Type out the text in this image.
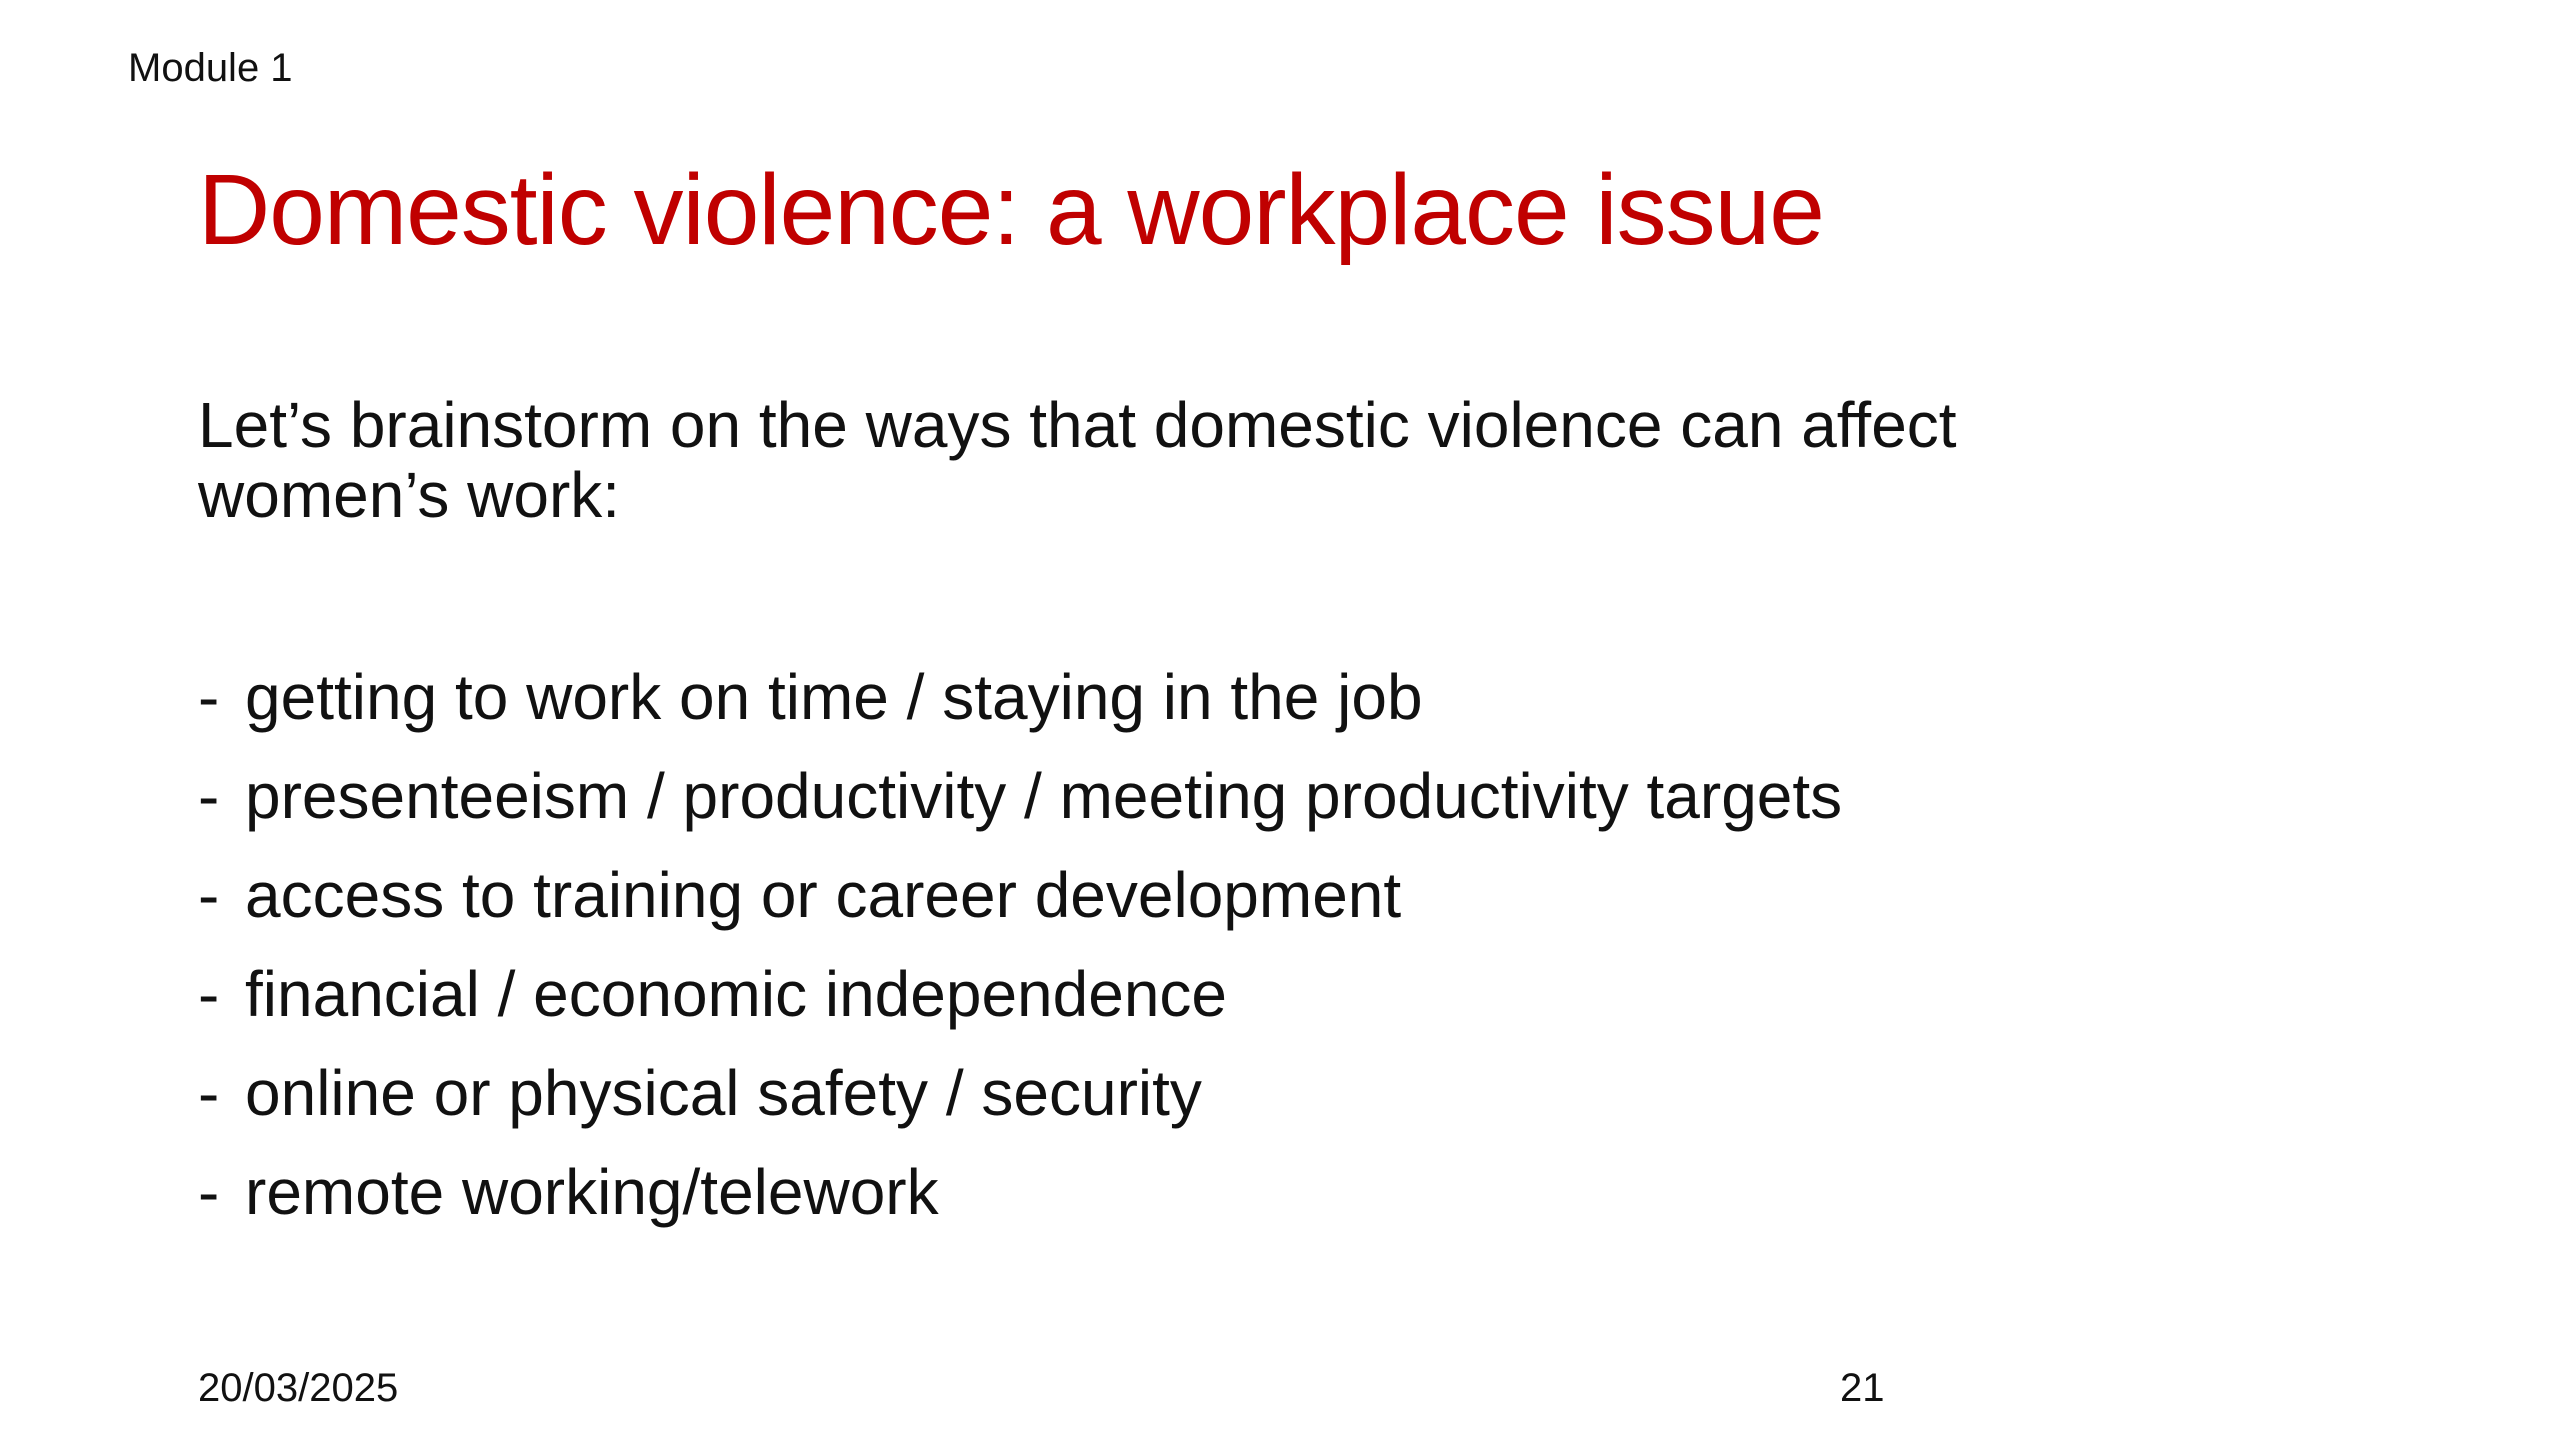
Module 1
Domestic violence: a workplace issue

Let’s brainstorm on the ways that domestic violence can affect women’s work:

- getting to work on time / staying in the job
- presenteeism / productivity / meeting productivity targets
- access to training or career development
- financial / economic independence
- online or physical safety / security
- remote working/telework
20/03/2025	21
